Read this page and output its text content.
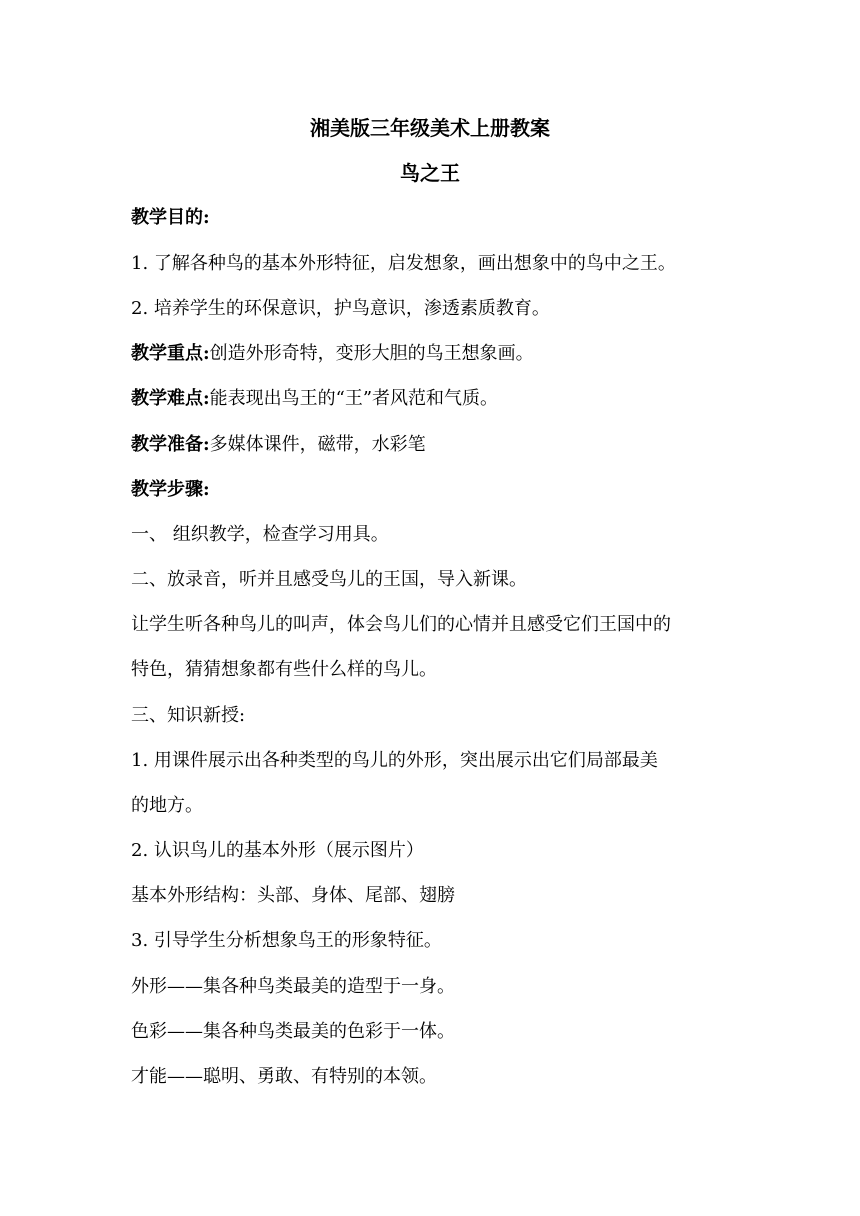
湘美版三年级美术上册教案
鸟之王

教学目的:

1. 了解各种鸟的基本外形特征，启发想象，画出想象中的鸟中之王。

2. 培养学生的环保意识，护鸟意识，渗透素质教育。

教学重点:创造外形奇特，变形大胆的鸟王想象画。

教学难点:能表现出鸟王的“王”者风范和气质。

教学准备:多媒体课件，磁带，水彩笔

教学步骤:

一、 组织教学，检查学习用具。

二、放录音，听并且感受鸟儿的王国，导入新课。

让学生听各种鸟儿的叫声，体会鸟儿们的心情并且感受它们王国中的

特色，猜猜想象都有些什么样的鸟儿。

三、知识新授:

1. 用课件展示出各种类型的鸟儿的外形，突出展示出它们局部最美

的地方。

2. 认识鸟儿的基本外形（展示图片）

基本外形结构：头部、身体、尾部、翅膀

3. 引导学生分析想象鸟王的形象特征。

外形——集各种鸟类最美的造型于一身。

色彩——集各种鸟类最美的色彩于一体。

才能——聪明、勇敢、有特别的本领。
